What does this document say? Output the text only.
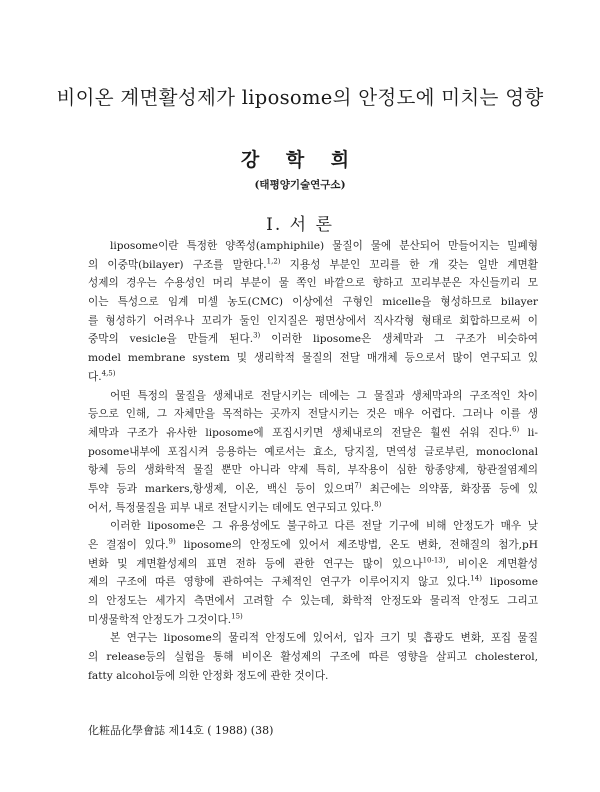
비이온 계면활성제가 liposome의 안정도에 미치는 영향
강 학 희
(태평양기술연구소)
I. 서 론
liposome이란 특정한 양쪽성(amphiphile) 물질이 물에 분산되어 만들어지는 밀폐형
의 이중막(bilayer) 구조를 말한다.$^{1,2)}$ 지용성 부분인 꼬리를 한 개 갖는 일반 계면활
성제의 경우는 수용성인 머리 부분이 물 쪽인 바깥으로 향하고 꼬리부분은 자신들끼리 모
이는 특성으로 임계 미셀 농도(CMC) 이상에선 구형인 micelle을 형성하므로 bilayer
를 형성하기 어려우나 꼬리가 둘인 인지질은 평면상에서 직사각형 형태로 회합하므로써 이
중막의 vesicle을 만들게 된다.$^{3)}$ 이러한 liposome은 생체막과 그 구조가 비슷하여
model membrane system 및 생리학적 물질의 전달 매개체 등으로서 많이 연구되고 있
다.$^{4,5)}$
어떤 특정의 물질을 생체내로 전달시키는 데에는 그 물질과 생체막과의 구조적인 차이
등으로 인해, 그 자체만을 목적하는 곳까지 전달시키는 것은 매우 어렵다. 그러나 이를 생
체막과 구조가 유사한 liposome에 포집시키면 생체내로의 전달은 훨씬 쉬워 진다.$^{6)}$ li-
posome내부에 포집시켜 응용하는 예로서는 효소, 당지질, 면역성 글로부린, monoclonal
항체 등의 생화학적 물질 뿐만 아니라 약제 특히, 부작용이 심한 항종양제, 항관절염제의
투약 등과 markers,항생제, 이온, 백신 등이 있으며$^{7)}$ 최근에는 의약품, 화장품 등에 있
어서, 특정물질을 피부 내로 전달시키는 데에도 연구되고 있다.$^{8)}$
이러한 liposome은 그 유용성에도 불구하고 다른 전달 기구에 비해 안정도가 매우 낮
은 결점이 있다.$^{9)}$ liposome의 안정도에 있어서 제조방법, 온도 변화, 전해질의 첨가,pH
변화 및 계면활성제의 표면 전하 등에 관한 연구는 많이 있으나$^{10-13)}$, 비이온 계면활성
제의 구조에 따른 영향에 관하여는 구체적인 연구가 이루어지지 않고 있다.$^{14)}$ liposome
의 안정도는 세가지 측면에서 고려할 수 있는데, 화학적 안정도와 물리적 안정도 그리고
미생물학적 안정도가 그것이다.$^{15)}$
본 연구는 liposome의 물리적 안정도에 있어서, 입자 크기 및 흡광도 변화, 포집 물질
의 release등의 실험을 통해 비이온 활성제의 구조에 따른 영향을 살피고 cholesterol,
fatty alcohol등에 의한 안정화 정도에 관한 것이다.
化粧品化學會誌 제14호 ( 1988) (38)
